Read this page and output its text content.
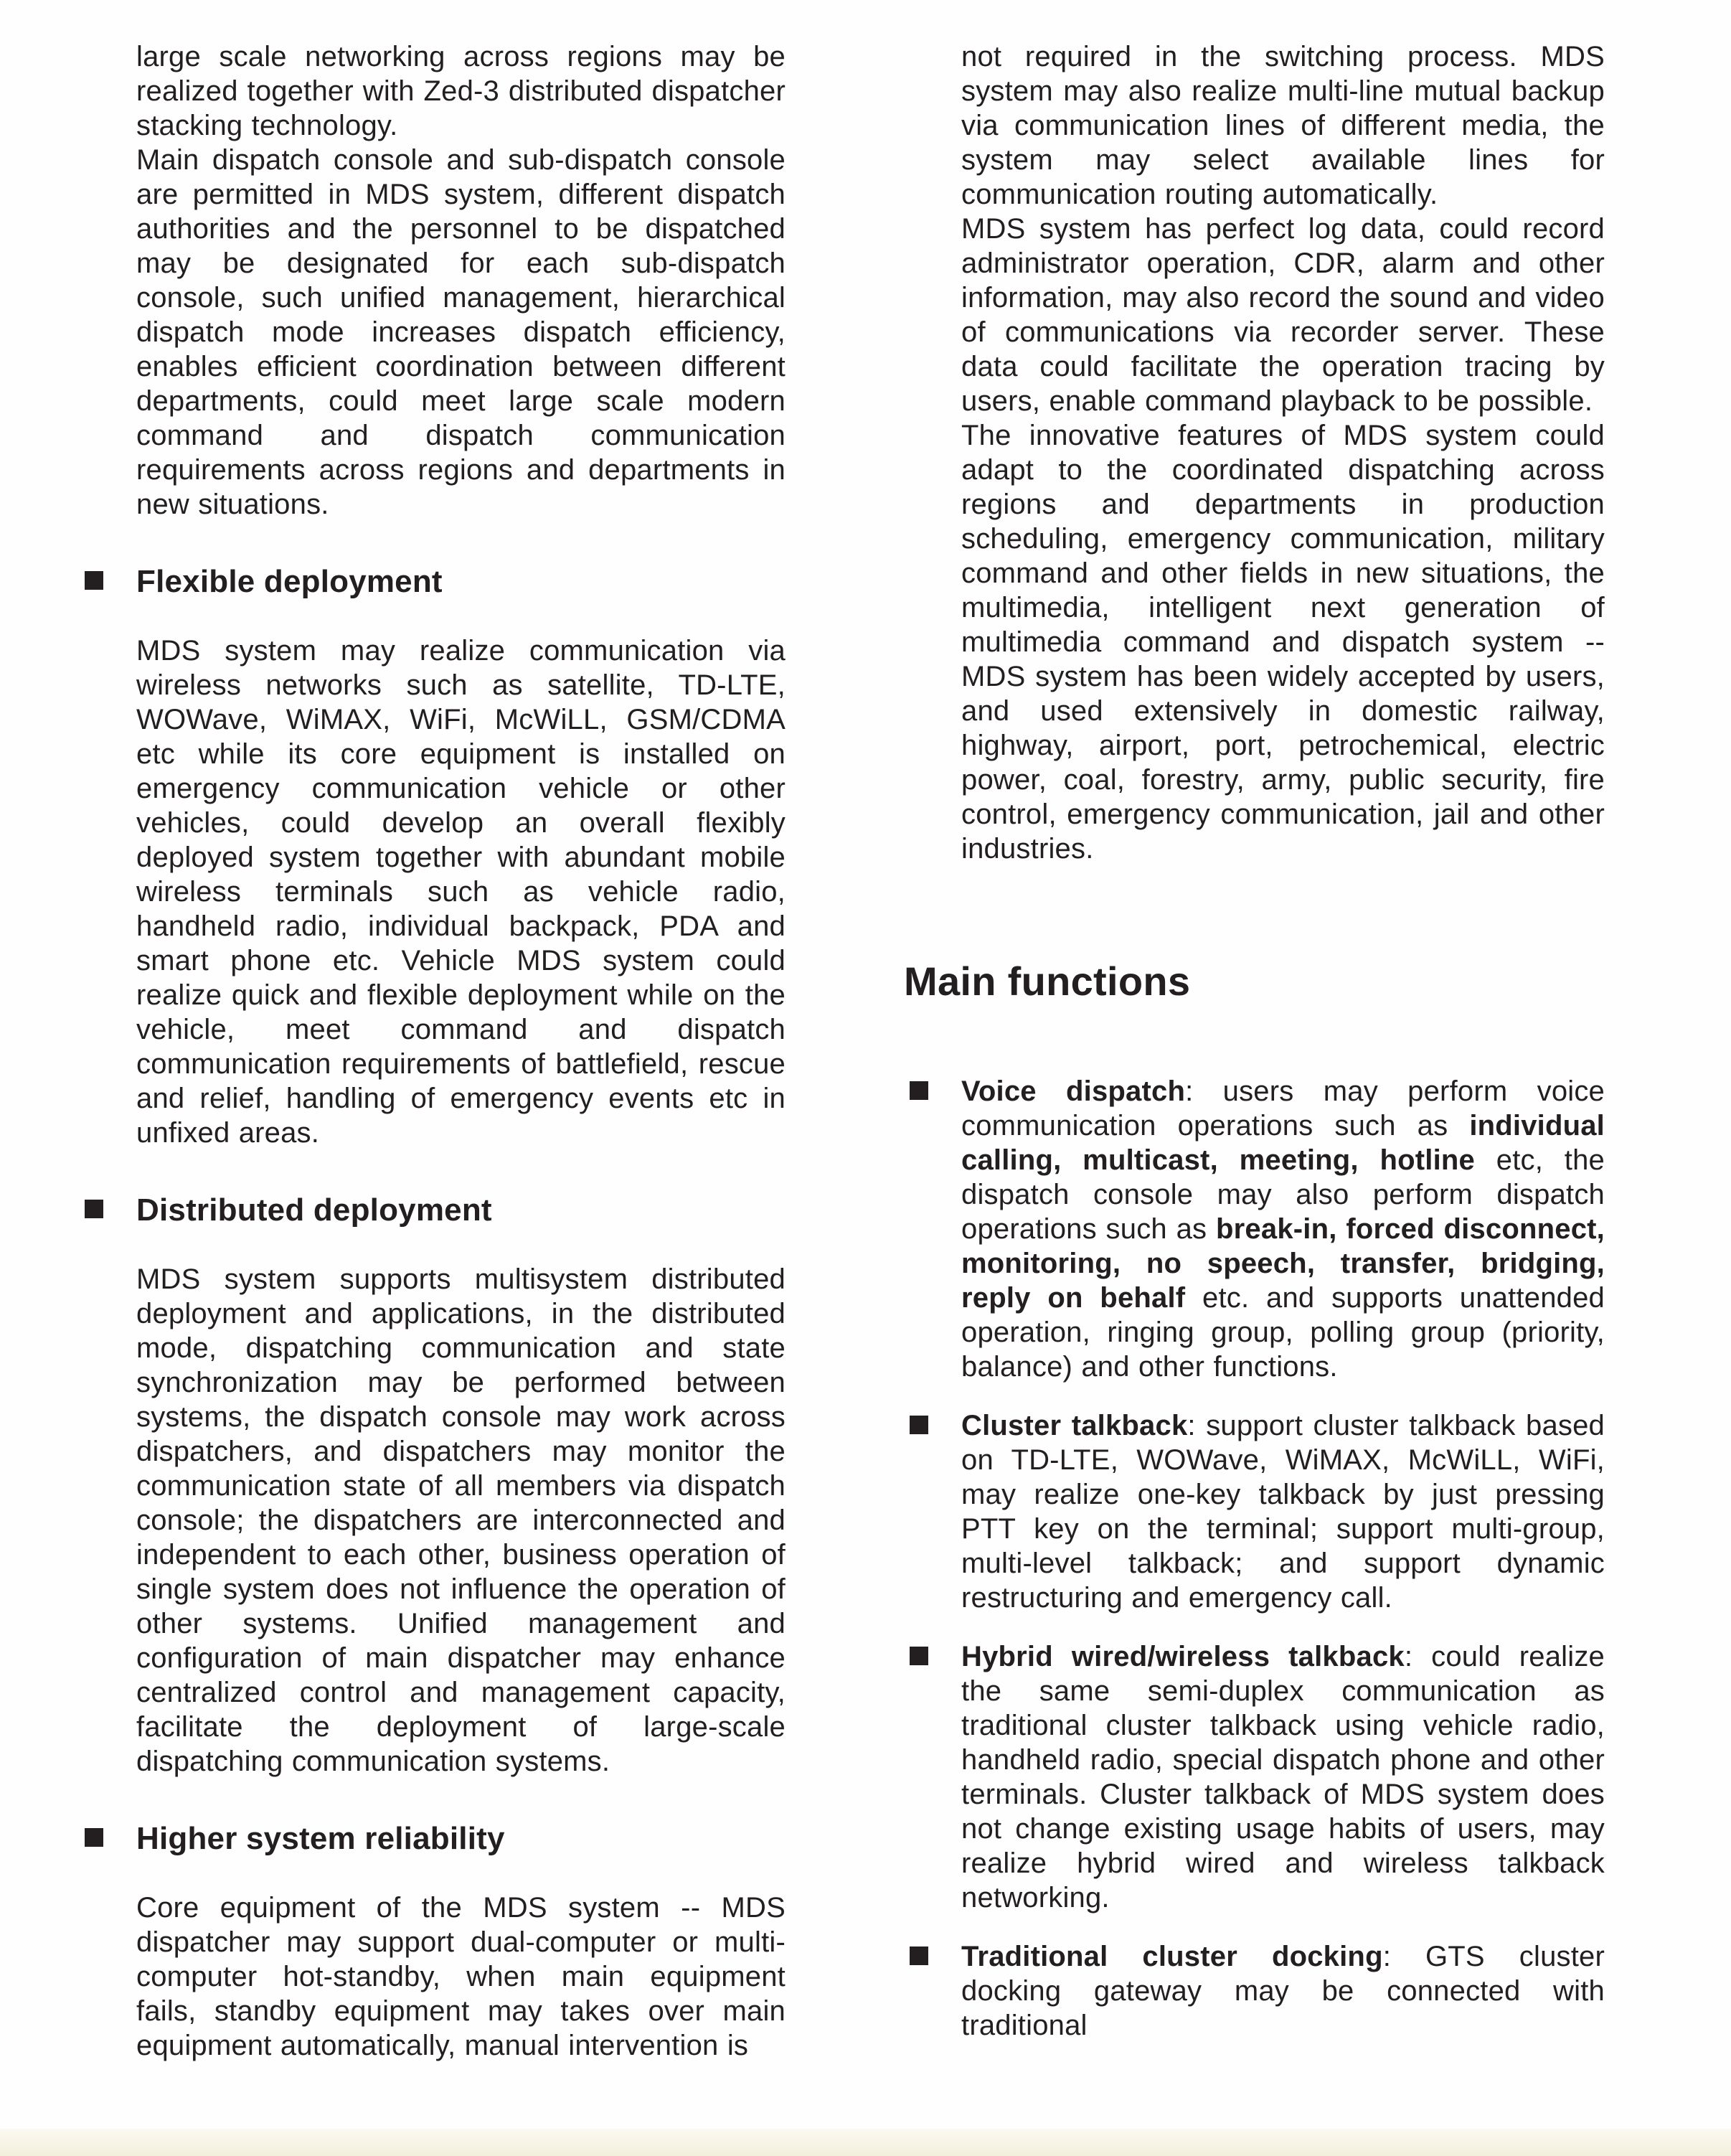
large scale networking across regions may be realized together with Zed-3 distributed dispatcher stacking technology.

Main dispatch console and sub-dispatch console are permitted in MDS system, different dispatch authorities and the personnel to be dispatched may be designated for each sub-dispatch console, such unified management, hierarchical dispatch mode increases dispatch efficiency, enables efficient coordination between different departments, could meet large scale modern command and dispatch communication requirements across regions and departments in new situations.

Flexible deployment

MDS system may realize communication via wireless networks such as satellite, TD-LTE, WOWave, WiMAX, WiFi, McWiLL, GSM/CDMA etc while its core equipment is installed on emergency communication vehicle or other vehicles, could develop an overall flexibly deployed system together with abundant mobile wireless terminals such as vehicle radio, handheld radio, individual backpack, PDA and smart phone etc. Vehicle MDS system could realize quick and flexible deployment while on the vehicle, meet command and dispatch communication requirements of battlefield, rescue and relief, handling of emergency events etc in unfixed areas.

Distributed deployment

MDS system supports multisystem distributed deployment and applications, in the distributed mode, dispatching communication and state synchronization may be performed between systems, the dispatch console may work across dispatchers, and dispatchers may monitor the communication state of all members via dispatch console; the dispatchers are interconnected and independent to each other, business operation of single system does not influence the operation of other systems. Unified management and configuration of main dispatcher may enhance centralized control and management capacity, facilitate the deployment of large-scale dispatching communication systems.

Higher system reliability

Core equipment of the MDS system -- MDS dispatcher may support dual-computer or multi-computer hot-standby, when main equipment fails, standby equipment may takes over main equipment automatically, manual intervention is

not required in the switching process. MDS system may also realize multi-line mutual backup via communication lines of different media, the system may select available lines for communication routing automatically.

MDS system has perfect log data, could record administrator operation, CDR, alarm and other information, may also record the sound and video of communications via recorder server. These data could facilitate the operation tracing by users, enable command playback to be possible.

The innovative features of MDS system could adapt to the coordinated dispatching across regions and departments in production scheduling, emergency communication, military command and other fields in new situations, the multimedia, intelligent next generation of multimedia command and dispatch system -- MDS system has been widely accepted by users, and used extensively in domestic railway, highway, airport, port, petrochemical, electric power, coal, forestry, army, public security, fire control, emergency communication, jail and other industries.

Main functions

Voice dispatch: users may perform voice communication operations such as individual calling, multicast, meeting, hotline etc, the dispatch console may also perform dispatch operations such as break-in, forced disconnect, monitoring, no speech, transfer, bridging, reply on behalf etc. and supports unattended operation, ringing group, polling group (priority, balance) and other functions.

Cluster talkback: support cluster talkback based on TD-LTE, WOWave, WiMAX, McWiLL, WiFi, may realize one-key talkback by just pressing PTT key on the terminal; support multi-group, multi-level talkback; and support dynamic restructuring and emergency call.

Hybrid wired/wireless talkback: could realize the same semi-duplex communication as traditional cluster talkback using vehicle radio, handheld radio, special dispatch phone and other terminals. Cluster talkback of MDS system does not change existing usage habits of users, may realize hybrid wired and wireless talkback networking.

Traditional cluster docking: GTS cluster docking gateway may be connected with traditional
